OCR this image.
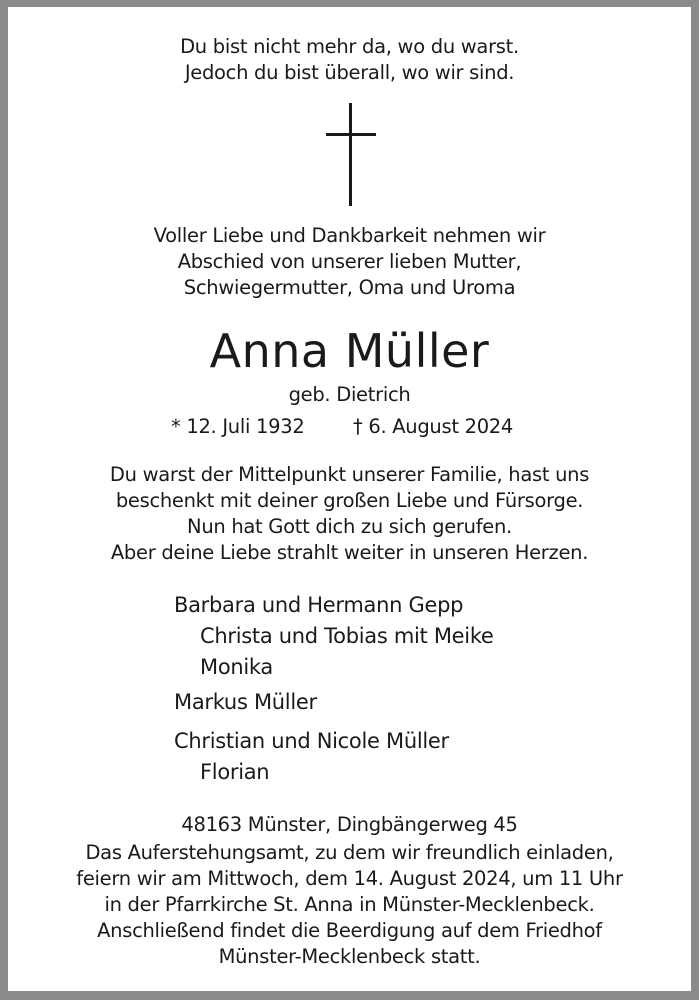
Du bist nicht mehr da, wo du warst.
Jedoch du bist überall, wo wir sind.
Voller Liebe und Dankbarkeit nehmen wir
Abschied von unserer lieben Mutter,
Schwiegermutter, Oma und Uroma
Anna Müller
geb. Dietrich
* 12. Juli 1932 † 6. August 2024
Du warst der Mittelpunkt unserer Familie, hast uns
beschenkt mit deiner großen Liebe und Fürsorge.
Nun hat Gott dich zu sich gerufen.
Aber deine Liebe strahlt weiter in unseren Herzen.
Barbara und Hermann Gepp
Christa und Tobias mit Meike
Monika
Markus Müller
Christian und Nicole Müller
Florian
48163 Münster, Dingbängerweg 45
Das Auferstehungsamt, zu dem wir freundlich einladen,
feiern wir am Mittwoch, dem 14. August 2024, um 11 Uhr
in der Pfarrkirche St. Anna in Münster-Mecklenbeck.
Anschließend findet die Beerdigung auf dem Friedhof
Münster-Mecklenbeck statt.
